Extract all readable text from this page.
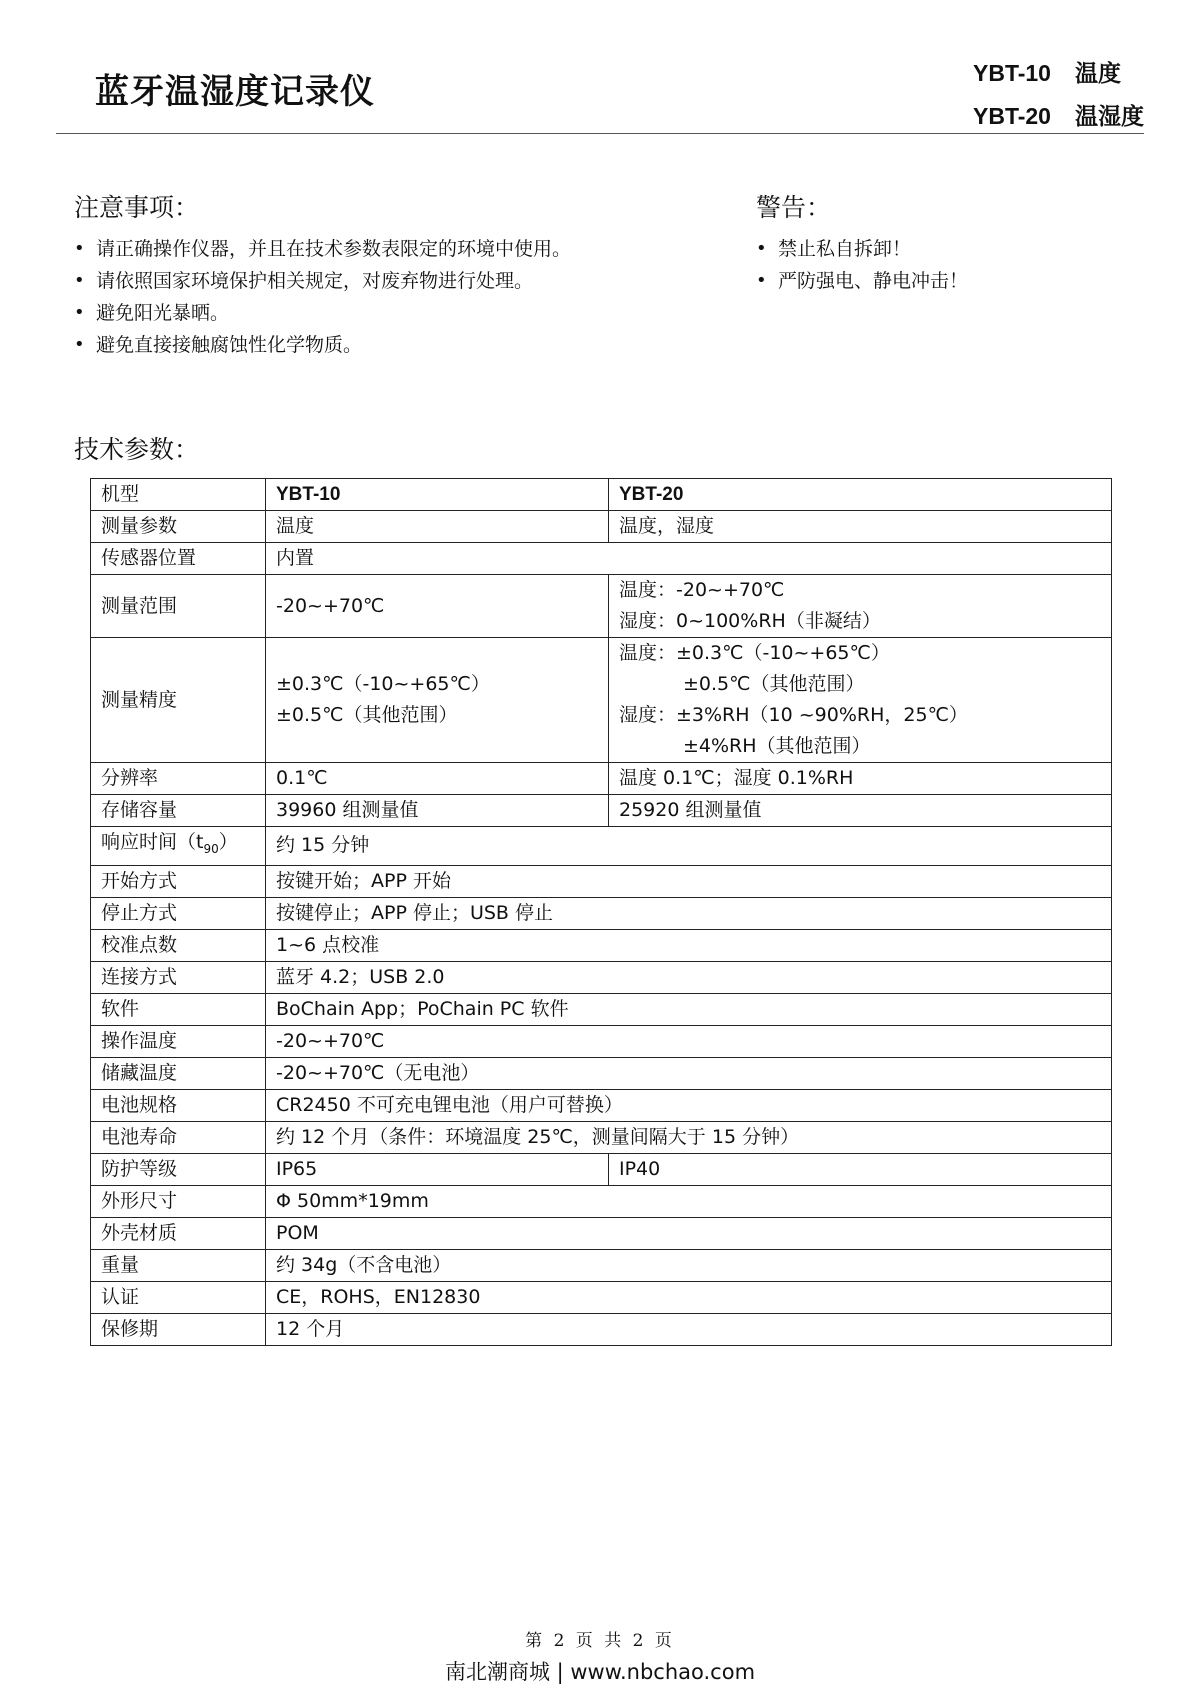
蓝牙温湿度记录仪	YBT-10 温度
YBT-20 温湿度
注意事项：
• 请正确操作仪器，并且在技术参数表限定的环境中使用。
• 请依照国家环境保护相关规定，对废弃物进行处理。
• 避免阳光暴晒。
• 避免直接接触腐蚀性化学物质。
警告：
• 禁止私自拆卸！
• 严防强电、静电冲击！
技术参数：
机型	YBT-10	YBT-20
测量参数	温度	温度，湿度
传感器位置	内置	
测量范围	-20~+70℃	温度：-20~+70℃
湿度：0~100%RH（非凝结）

测量精度	±0.3℃（-10~+65℃）
±0.5℃（其他范围）	温度：±0.3℃（-10~+65℃）
±0.5℃（其他范围）
湿度：±3%RH（10 ~90%RH，25℃）
±4%RH（其他范围）

分辨率	0.1℃	温度 0.1℃；湿度 0.1%RH
存储容量	39960 组测量值	25920 组测量值
响应时间$(t_{90})$	约 15 分钟	
开始方式	按键开始；APP 开始	
停止方式	按键停止；APP 停止；USB 停止	
校准点数	1~6 点校准	
连接方式	蓝牙 4.2；USB 2.0	
软件	BoChain App；PoChain PC 软件	
操作温度	-20~+70℃	
储藏温度	-20~+70℃（无电池）	
电池规格	CR2450 不可充电锂电池（用户可替换）	
电池寿命	约 12 个月（条件：环境温度 25℃，测量间隔大于 15 分钟）	
防护等级	IP65	IP40
外形尺寸	Φ 50mm*19mm	
外壳材质	POM	
重量	约 34g（不含电池）	
认证	CE，ROHS，EN12830	
保修期	12 个月	
第 2 页 共 2 页
南北潮商城 | www.nbchao.com
